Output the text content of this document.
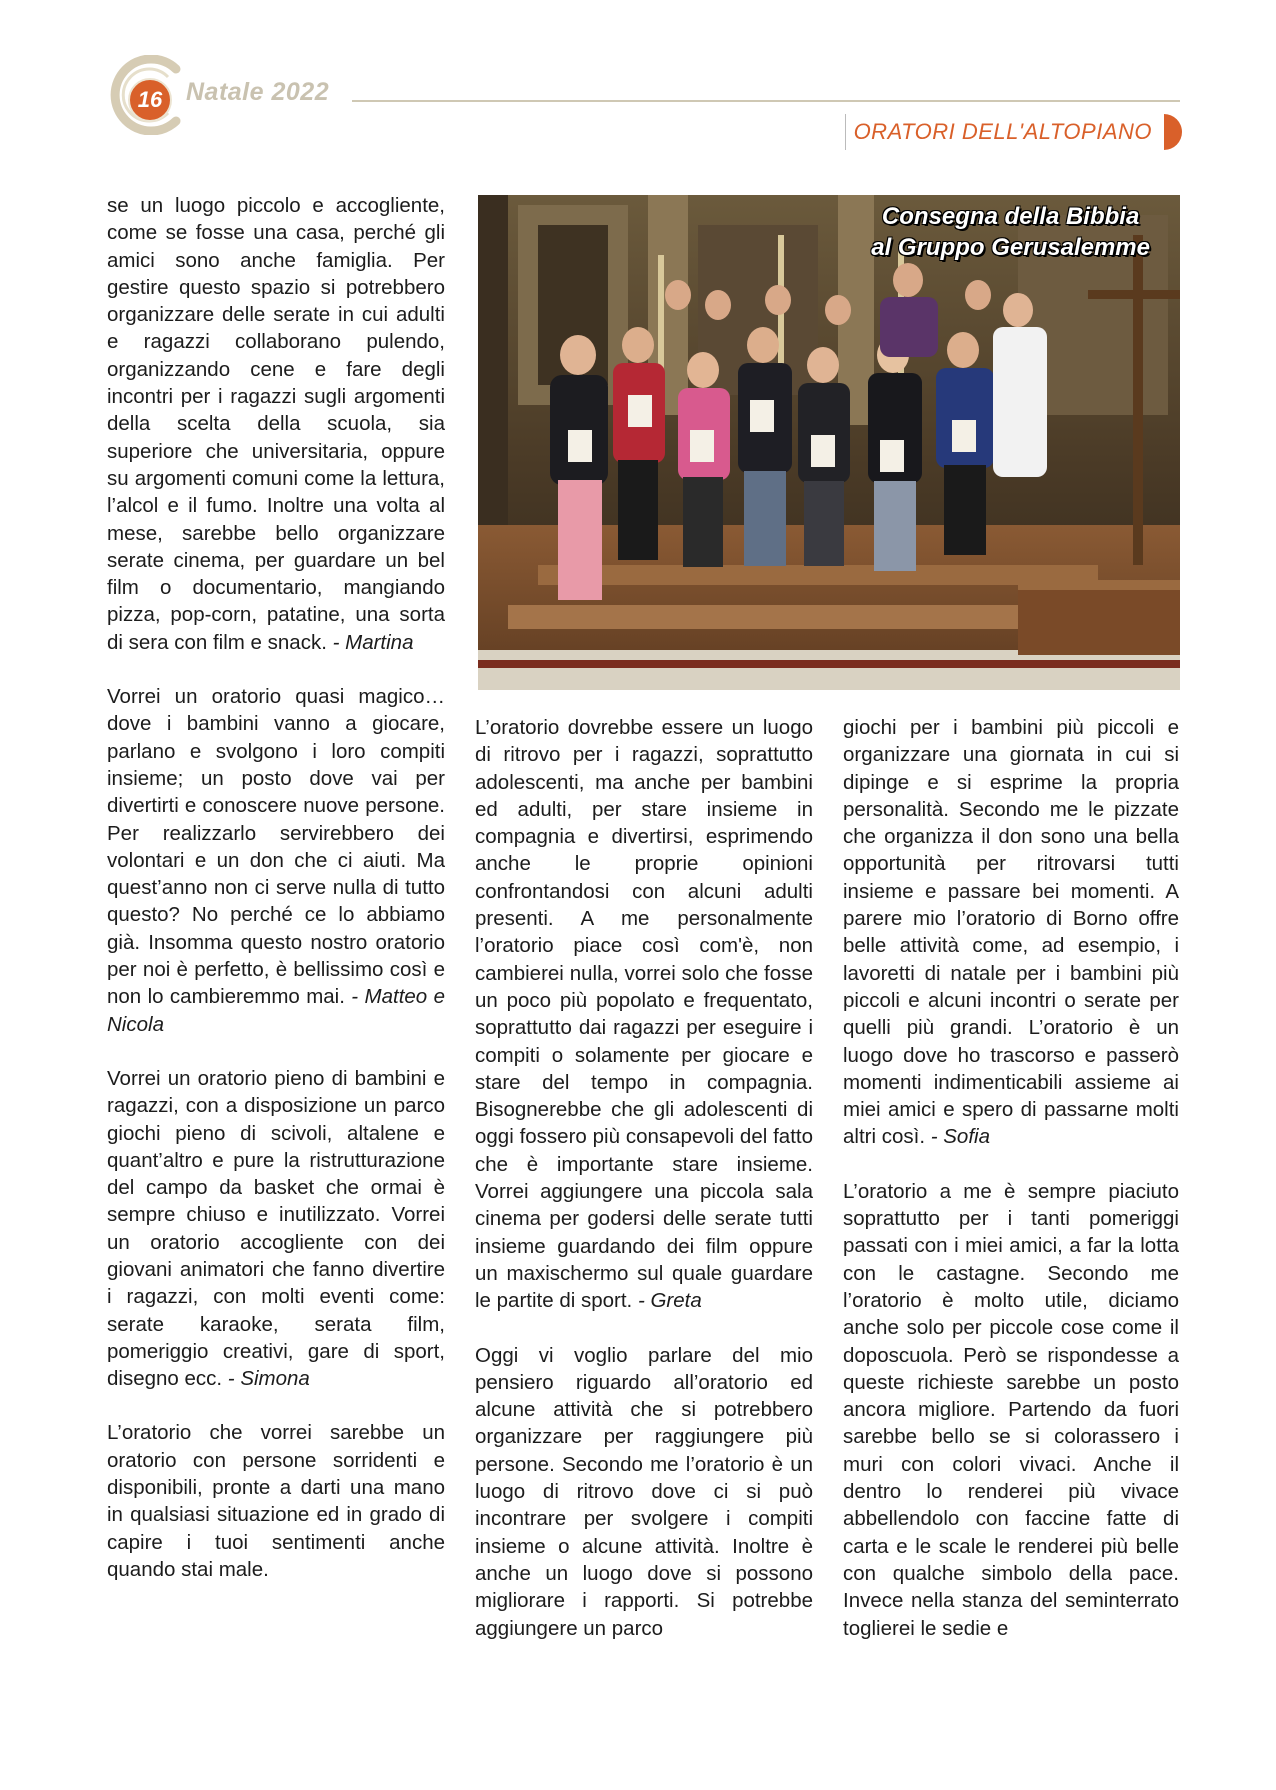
16 Natale 2022
ORATORI DELL'ALTOPIANO

se un luogo piccolo e accogliente, come se fosse una casa, perché gli amici sono anche famiglia. Per gestire questo spazio si potrebbero organizzare delle serate in cui adulti e ragazzi collaborano pulendo, organizzando cene e fare degli incontri per i ragazzi sugli argomenti della scelta della scuola, sia superiore che universitaria, oppure su argomenti comuni come la lettura, l’alcol e il fumo. Inoltre una volta al mese, sarebbe bello organizzare serate cinema, per guardare un bel film o documentario, mangiando pizza, pop-corn, patatine, una sorta di sera con film e snack. - Martina

Vorrei un oratorio quasi magico… dove i bambini vanno a giocare, parlano e svolgono i loro compiti insieme; un posto dove vai per divertirti e conoscere nuove persone. Per realizzarlo servirebbero dei volontari e un don che ci aiuti. Ma quest’anno non ci serve nulla di tutto questo? No perché ce lo abbiamo già. Insomma questo nostro oratorio per noi è perfetto, è bellissimo così e non lo cambieremmo mai. - Matteo e Nicola

Vorrei un oratorio pieno di bambini e ragazzi, con a disposizione un parco giochi pieno di scivoli, altalene e quant’altro e pure la ristrutturazione del campo da basket che ormai è sempre chiuso e inutilizzato. Vorrei un oratorio accogliente con dei giovani animatori che fanno divertire i ragazzi, con molti eventi come: serate karaoke, serata film, pomeriggio creativi, gare di sport, disegno ecc. - Simona

L’oratorio che vorrei sarebbe un oratorio con persone sorridenti e disponibili, pronte a darti una mano in qualsiasi situazione ed in grado di capire i tuoi sentimenti anche quando stai male.

Consegna della Bibbia
al Gruppo Gerusalemme

L’oratorio dovrebbe essere un luogo di ritrovo per i ragazzi, soprattutto adolescenti, ma anche per bambini ed adulti, per stare insieme in compagnia e divertirsi, esprimendo anche le proprie opinioni confrontandosi con alcuni adulti presenti. A me personalmente l’oratorio piace così com'è, non cambierei nulla, vorrei solo che fosse un poco più popolato e frequentato, soprattutto dai ragazzi per eseguire i compiti o solamente per giocare e stare del tempo in compagnia. Bisognerebbe che gli adolescenti di oggi fossero più consapevoli del fatto che è importante stare insieme. Vorrei aggiungere una piccola sala cinema per godersi delle serate tutti insieme guardando dei film oppure un maxischermo sul quale guardare le partite di sport. - Greta

Oggi vi voglio parlare del mio pensiero riguardo all’oratorio ed alcune attività che si potrebbero organizzare per raggiungere più persone. Secondo me l’oratorio è un luogo di ritrovo dove ci si può incontrare per svolgere i compiti insieme o alcune attività. Inoltre è anche un luogo dove si possono migliorare i rapporti. Si potrebbe aggiungere un parco

giochi per i bambini più piccoli e organizzare una giornata in cui si dipinge e si esprime la propria personalità. Secondo me le pizzate che organizza il don sono una bella opportunità per ritrovarsi tutti insieme e passare bei momenti. A parere mio l’oratorio di Borno offre belle attività come, ad esempio, i lavoretti di natale per i bambini più piccoli e alcuni incontri o serate per quelli più grandi. L’oratorio è un luogo dove ho trascorso e passerò momenti indimenticabili assieme ai miei amici e spero di passarne molti altri così. - Sofia

L’oratorio a me è sempre piaciuto soprattutto per i tanti pomeriggi passati con i miei amici, a far la lotta con le castagne. Secondo me l’oratorio è molto utile, diciamo anche solo per piccole cose come il doposcuola. Però se rispondesse a queste richieste sarebbe un posto ancora migliore. Partendo da fuori sarebbe bello se si colorassero i muri con colori vivaci. Anche il dentro lo renderei più vivace abbellendolo con faccine fatte di carta e le scale le renderei più belle con qualche simbolo della pace. Invece nella stanza del seminterrato toglierei le sedie e
